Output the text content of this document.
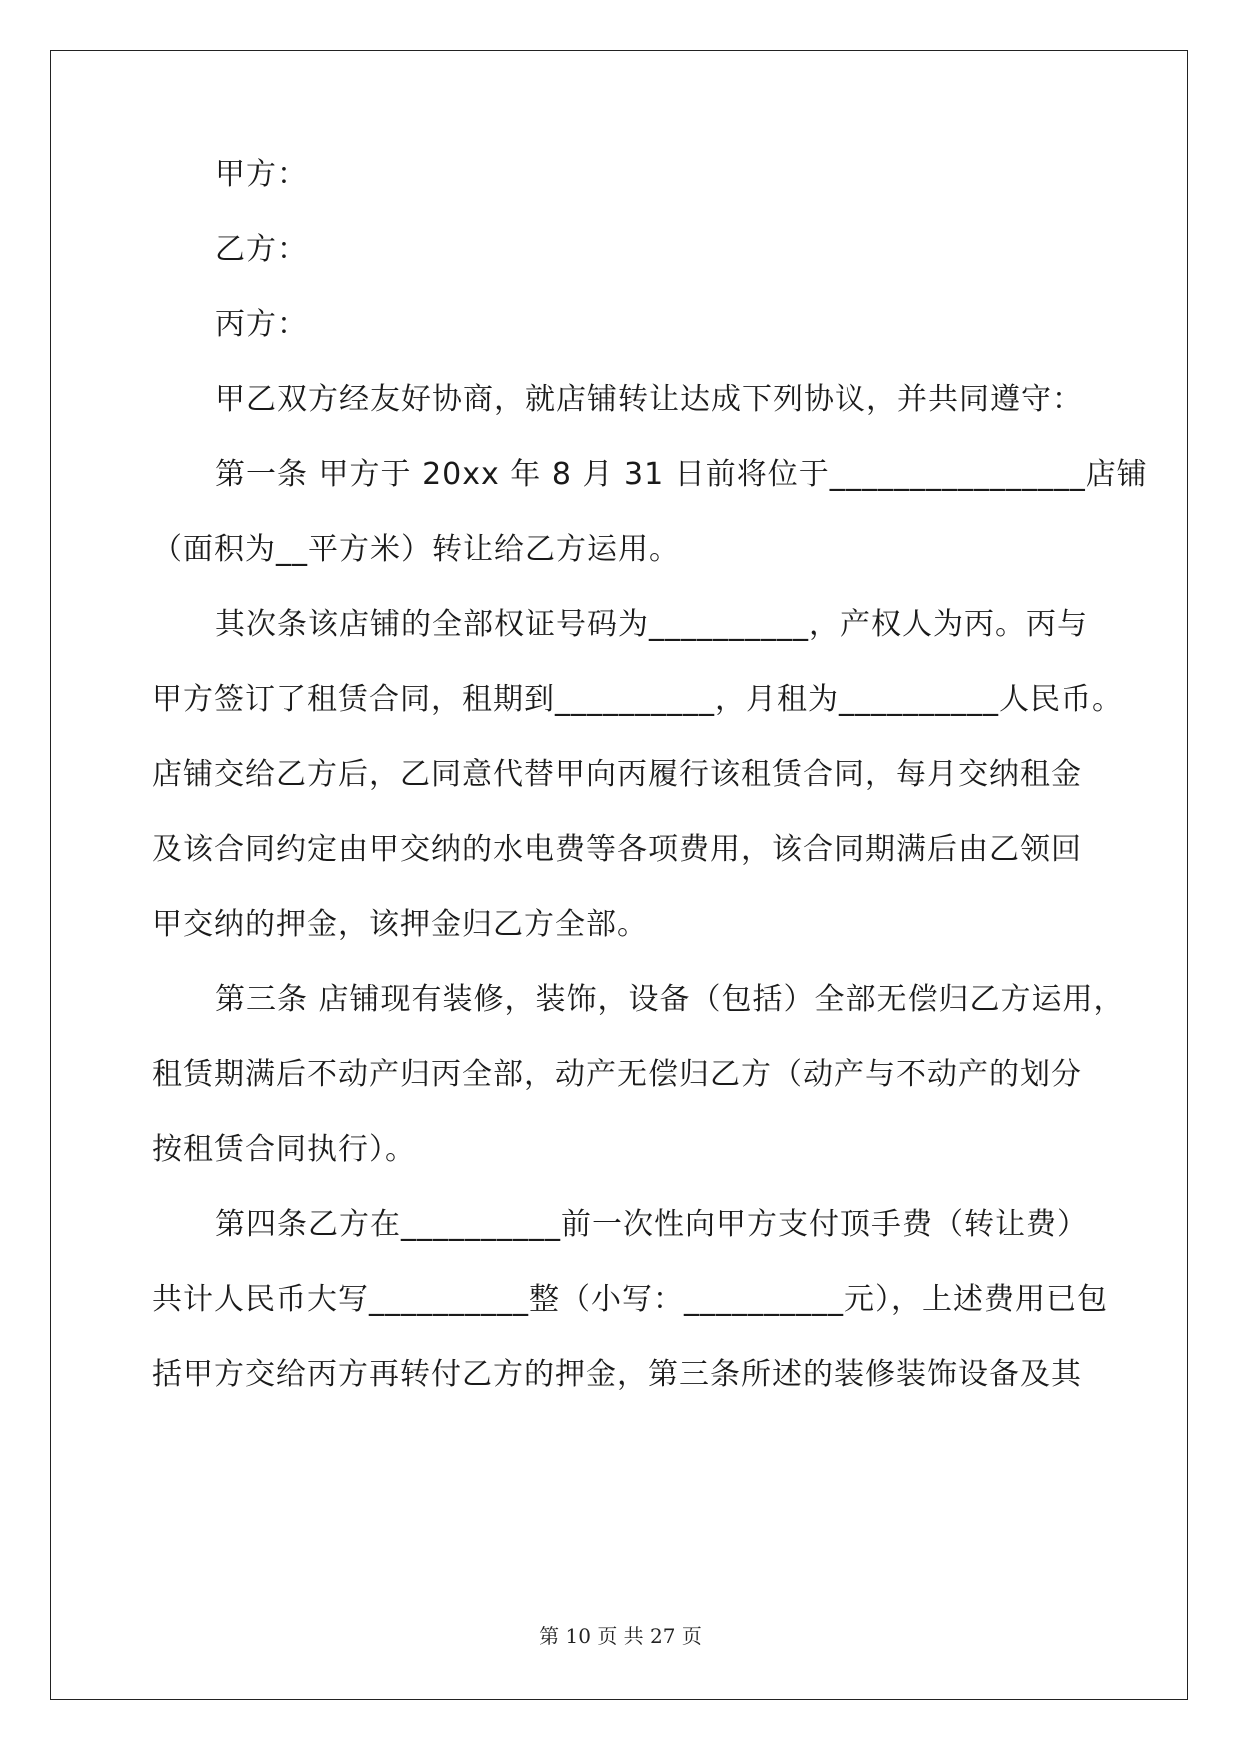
甲方：
乙方：
丙方：
甲乙双方经友好协商，就店铺转让达成下列协议，并共同遵守：
第一条 甲方于 20xx 年 8 月 31 日前将位于________________店铺
（面积为__平方米）转让给乙方运用。
其次条该店铺的全部权证号码为__________，产权人为丙。丙与
甲方签订了租赁合同，租期到__________，月租为__________人民币。
店铺交给乙方后，乙同意代替甲向丙履行该租赁合同，每月交纳租金
及该合同约定由甲交纳的水电费等各项费用，该合同期满后由乙领回
甲交纳的押金，该押金归乙方全部。
第三条 店铺现有装修，装饰，设备（包括）全部无偿归乙方运用，
租赁期满后不动产归丙全部，动产无偿归乙方（动产与不动产的划分
按租赁合同执行）。
第四条乙方在__________前一次性向甲方支付顶手费（转让费）
共计人民币大写__________整（小写：__________元），上述费用已包
括甲方交给丙方再转付乙方的押金，第三条所述的装修装饰设备及其
第 10 页 共 27 页
